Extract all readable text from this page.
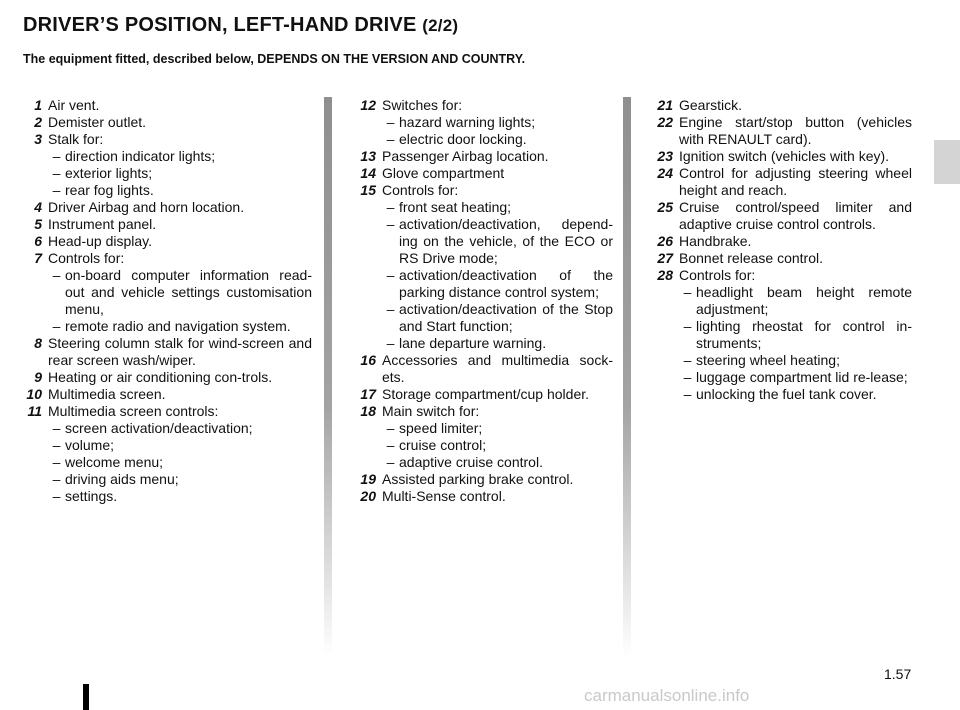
DRIVER’S POSITION, LEFT-HAND DRIVE (2/2)
The equipment fitted, described below, DEPENDS ON THE VERSION AND COUNTRY.
1 Air vent.
2 Demister outlet.
3 Stalk for:
– direction indicator lights;
– exterior lights;
– rear fog lights.
4 Driver Airbag and horn location.
5 Instrument panel.
6 Head-up display.
7 Controls for:
– on-board computer information read-out and vehicle settings customisation menu,
– remote radio and navigation system.
8 Steering column stalk for wind-screen and rear screen wash/wiper.
9 Heating or air conditioning con-trols.
10 Multimedia screen.
11 Multimedia screen controls:
– screen activation/deactivation;
– volume;
– welcome menu;
– driving aids menu;
– settings.
12 Switches for:
– hazard warning lights;
– electric door locking.
13 Passenger Airbag location.
14 Glove compartment
15 Controls for:
– front seat heating;
– activation/deactivation, depend-ing on the vehicle, of the ECO or RS Drive mode;
– activation/deactivation of the parking distance control system;
– activation/deactivation of the Stop and Start function;
– lane departure warning.
16 Accessories and multimedia sock-ets.
17 Storage compartment/cup holder.
18 Main switch for:
– speed limiter;
– cruise control;
– adaptive cruise control.
19 Assisted parking brake control.
20 Multi-Sense control.
21 Gearstick.
22 Engine start/stop button (vehicles with RENAULT card).
23 Ignition switch (vehicles with key).
24 Control for adjusting steering wheel height and reach.
25 Cruise control/speed limiter and adaptive cruise control controls.
26 Handbrake.
27 Bonnet release control.
28 Controls for:
– headlight beam height remote adjustment;
– lighting rheostat for control in-struments;
– steering wheel heating;
– luggage compartment lid re-lease;
– unlocking the fuel tank cover.
1.57
carmanualsonline.info
